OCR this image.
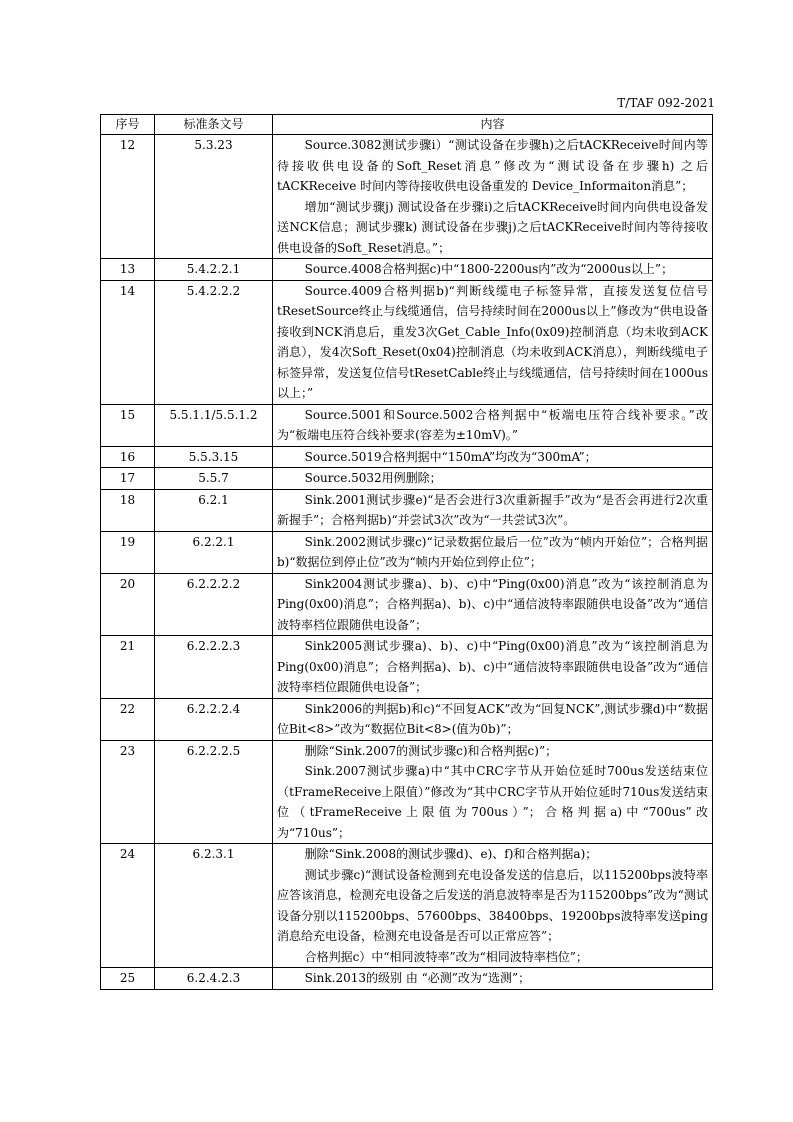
T/TAF 092-2021
序号	标准条文号	内容
12	5.3.23	Source.3082测试步骤i）“测试设备在步骤h)之后tACKReceive时间内等待接收供电设备的Soft_Reset消息”修改为“测试设备在步骤h) 之后 tACKReceive 时间内等待接收供电设备重发的 Device_Informaiton消息”；

增加“测试步骤j) 测试设备在步骤i)之后tACKReceive时间内向供电设备发送NCK信息；测试步骤k) 测试设备在步骤j)之后tACKReceive时间内等待接收供电设备的Soft_Reset消息。”；

13	5.4.2.2.1	Source.4008合格判据c)中“1800-2200us内”改为“2000us以上”；

14	5.4.2.2.2	Source.4009合格判据b)“判断线缆电子标签异常，直接发送复位信号tResetSource终止与线缆通信，信号持续时间在2000us以上”修改为“供电设备接收到NCK消息后，重发3次Get_Cable_Info(0x09)控制消息（均未收到ACK消息），发4次Soft_Reset(0x04)控制消息（均未收到ACK消息），判断线缆电子标签异常，发送复位信号tResetCable终止与线缆通信，信号持续时间在1000us以上；”

15	5.5.1.1/5.5.1.2	Source.5001和Source.5002合格判据中“板端电压符合线补要求。”改为“板端电压符合线补要求(容差为±10mV)。”

16	5.5.3.15	Source.5019合格判据中“150mA”均改为“300mA”；

17	5.5.7	Source.5032用例删除；

18	6.2.1	Sink.2001测试步骤e)“是否会进行3次重新握手”改为“是否会再进行2次重新握手”；合格判据b)“并尝试3次”改为“一共尝试3次”。

19	6.2.2.1	Sink.2002测试步骤c)“记录数据位最后一位”改为“帧内开始位”；合格判据b)“数据位到停止位”改为“帧内开始位到停止位”；

20	6.2.2.2.2	Sink2004测试步骤a)、b)、c)中“Ping(0x00)消息”改为“该控制消息为Ping(0x00)消息”；合格判据a)、b)、c)中“通信波特率跟随供电设备”改为“通信波特率档位跟随供电设备”；

21	6.2.2.2.3	Sink2005测试步骤a)、b)、c)中“Ping(0x00)消息”改为“该控制消息为Ping(0x00)消息”；合格判据a)、b)、c)中“通信波特率跟随供电设备”改为“通信波特率档位跟随供电设备”；

22	6.2.2.2.4	Sink2006的判据b)和c)“不回复ACK”改为“回复NCK”,测试步骤d)中“数据位Bit<8>”改为“数据位Bit<8>(值为0b)”；

23	6.2.2.2.5	删除“Sink.2007的测试步骤c)和合格判据c)”；

Sink.2007测试步骤a)中“其中CRC字节从开始位延时700us发送结束位（tFrameReceive上限值）”修改为“其中CRC字节从开始位延时710us发送结束位（tFrameReceive上限值为700us）”；合格判据a)中“700us”改为“710us”；

24	6.2.3.1	删除“Sink.2008的测试步骤d)、e)、f)和合格判据a)；

测试步骤c)“测试设备检测到充电设备发送的信息后，以115200bps波特率应答该消息，检测充电设备之后发送的消息波特率是否为115200bps”改为“测试设备分别以115200bps、57600bps、38400bps、19200bps波特率发送ping消息给充电设备，检测充电设备是否可以正常应答”；

合格判据c）中“相同波特率”改为“相同波特率档位”；

25	6.2.4.2.3	Sink.2013的级别 由 “必测”改为“选测”；
